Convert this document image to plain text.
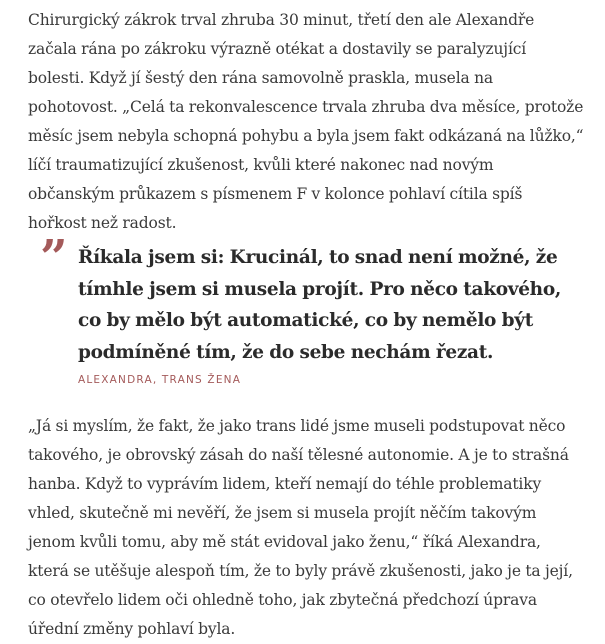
Chirurgický zákrok trval zhruba 30 minut, třetí den ale Alexandře začala rána po zákroku výrazně otékat a dostavily se paralyzující bolesti. Když jí šestý den rána samovolně praskla, musela na pohotovost. „Celá ta rekonvalescence trvala zhruba dva měsíce, protože měsíc jsem nebyla schopná pohybu a byla jsem fakt odkázaná na lůžko,“ líčí traumatizující zkušenost, kvůli které nakonec nad novým občanským průkazem s písmenem F v kolonce pohlaví cítila spíš hořkost než radost.

” Říkala jsem si: Krucinál, to snad není možné, že tímhle jsem si musela projít. Pro něco takového, co by mělo být automatické, co by nemělo být podmíněné tím, že do sebe nechám řezat.

ALEXANDRA, TRANS ŽENA

„Já si myslím, že fakt, že jako trans lidé jsme museli podstupovat něco takového, je obrovský zásah do naší tělesné autonomie. A je to strašná hanba. Když to vyprávím lidem, kteří nemají do téhle problematiky vhled, skutečně mi nevěří, že jsem si musela projít něčím takovým jenom kvůli tomu, aby mě stát evidoval jako ženu,“ říká Alexandra, která se utěšuje alespoň tím, že to byly právě zkušenosti, jako je ta její, co otevřelo lidem oči ohledně toho, jak zbytečná předchozí úprava úřední změny pohlaví byla.
